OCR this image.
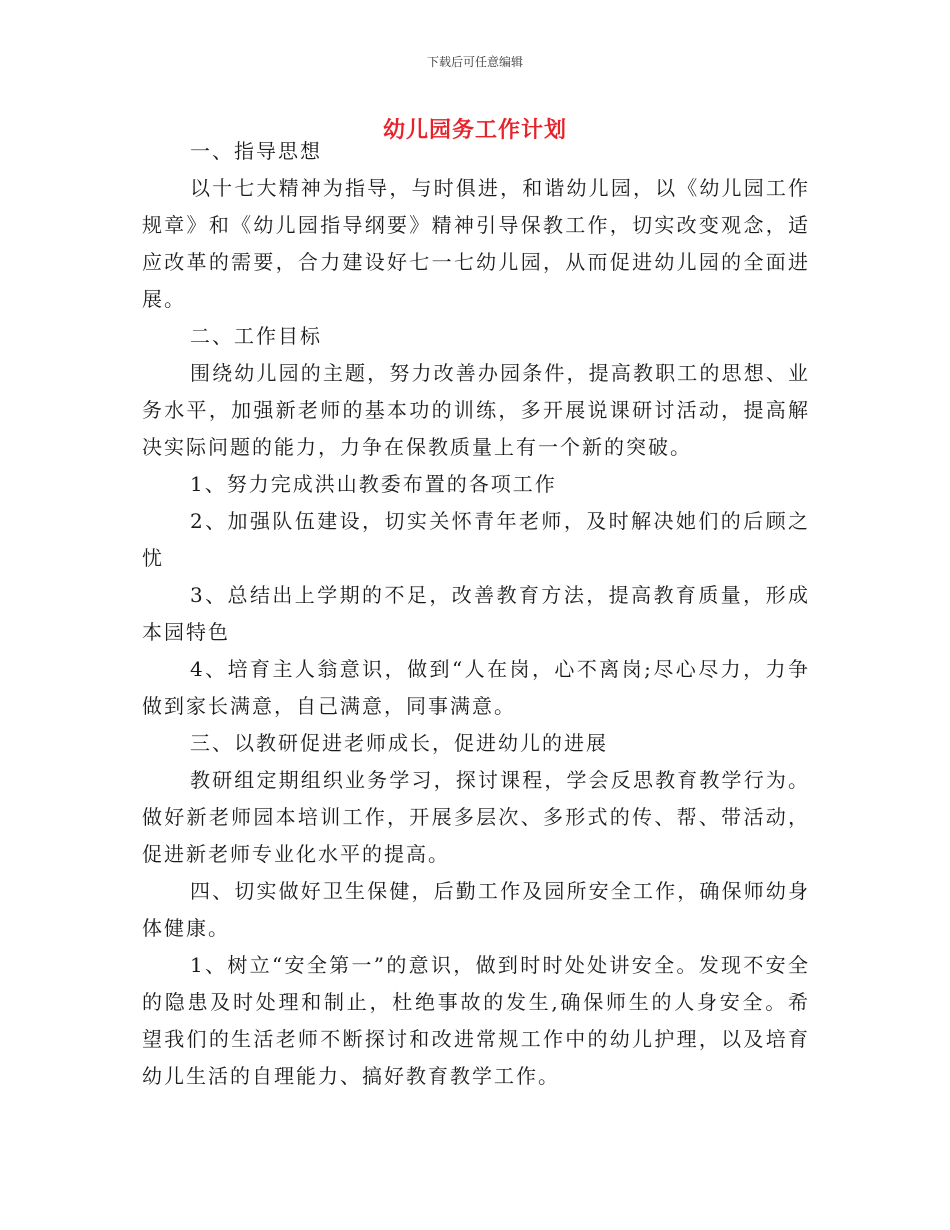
下载后可任意编辑
幼儿园务工作计划

一、指导思想

以十七大精神为指导，与时俱进，和谐幼儿园，以《幼儿园工作规章》和《幼儿园指导纲要》精神引导保教工作，切实改变观念，适应改革的需要，合力建设好七一七幼儿园，从而促进幼儿园的全面进展。

二、工作目标

围绕幼儿园的主题，努力改善办园条件，提高教职工的思想、业务水平，加强新老师的基本功的训练，多开展说课研讨活动，提高解决实际问题的能力，力争在保教质量上有一个新的突破。

1、努力完成洪山教委布置的各项工作

2、加强队伍建设，切实关怀青年老师，及时解决她们的后顾之忧

3、总结出上学期的不足，改善教育方法，提高教育质量，形成本园特色

4、培育主人翁意识，做到“人在岗，心不离岗;尽心尽力，力争做到家长满意，自己满意，同事满意。

三、以教研促进老师成长，促进幼儿的进展

教研组定期组织业务学习，探讨课程，学会反思教育教学行为。做好新老师园本培训工作，开展多层次、多形式的传、帮、带活动，促进新老师专业化水平的提高。

四、切实做好卫生保健，后勤工作及园所安全工作，确保师幼身体健康。

1、树立“安全第一”的意识，做到时时处处讲安全。发现不安全的隐患及时处理和制止，杜绝事故的发生,确保师生的人身安全。希望我们的生活老师不断探讨和改进常规工作中的幼儿护理，以及培育幼儿生活的自理能力、搞好教育教学工作。
